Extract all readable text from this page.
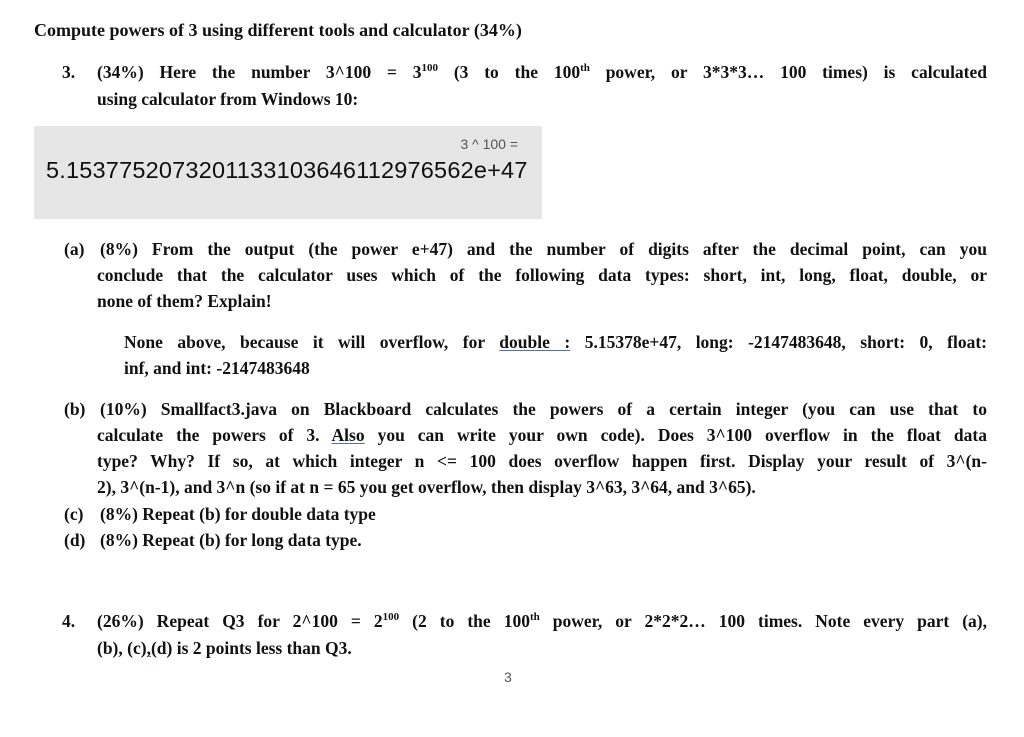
Compute powers of 3 using different tools and calculator (34%)
3. (34%) Here the number 3^100 = $3^{100}$ (3 to the 100th power, or 3*3*3… 100 times) is calculated
using calculator from Windows 10:
3 ^ 100 =
5.1537752073201133103646112976562e+47
(a) (8%) From the output (the power e+47) and the number of digits after the decimal point, can you
conclude that the calculator uses which of the following data types: short, int, long, float, double, or
none of them? Explain!
None above, because it will overflow, for double : 5.15378e+47, long: -2147483648, short: 0, float:
inf, and int: -2147483648
(b) (10%) Smallfact3.java on Blackboard calculates the powers of a certain integer (you can use that to
calculate the powers of 3. Also you can write your own code). Does 3^100 overflow in the float data
type? Why? If so, at which integer n <= 100 does overflow happen first. Display your result of 3^(n-
2), 3^(n-1), and 3^n (so if at n = 65 you get overflow, then display 3^63, 3^64, and 3^65).
(c) (8%) Repeat (b) for double data type
(d) (8%) Repeat (b) for long data type.
4. (26%) Repeat Q3 for 2^100 = $2^{100}$ (2 to the 100th power, or 2*2*2… 100 times. Note every part (a),
(b), (c),(d) is 2 points less than Q3.
3
